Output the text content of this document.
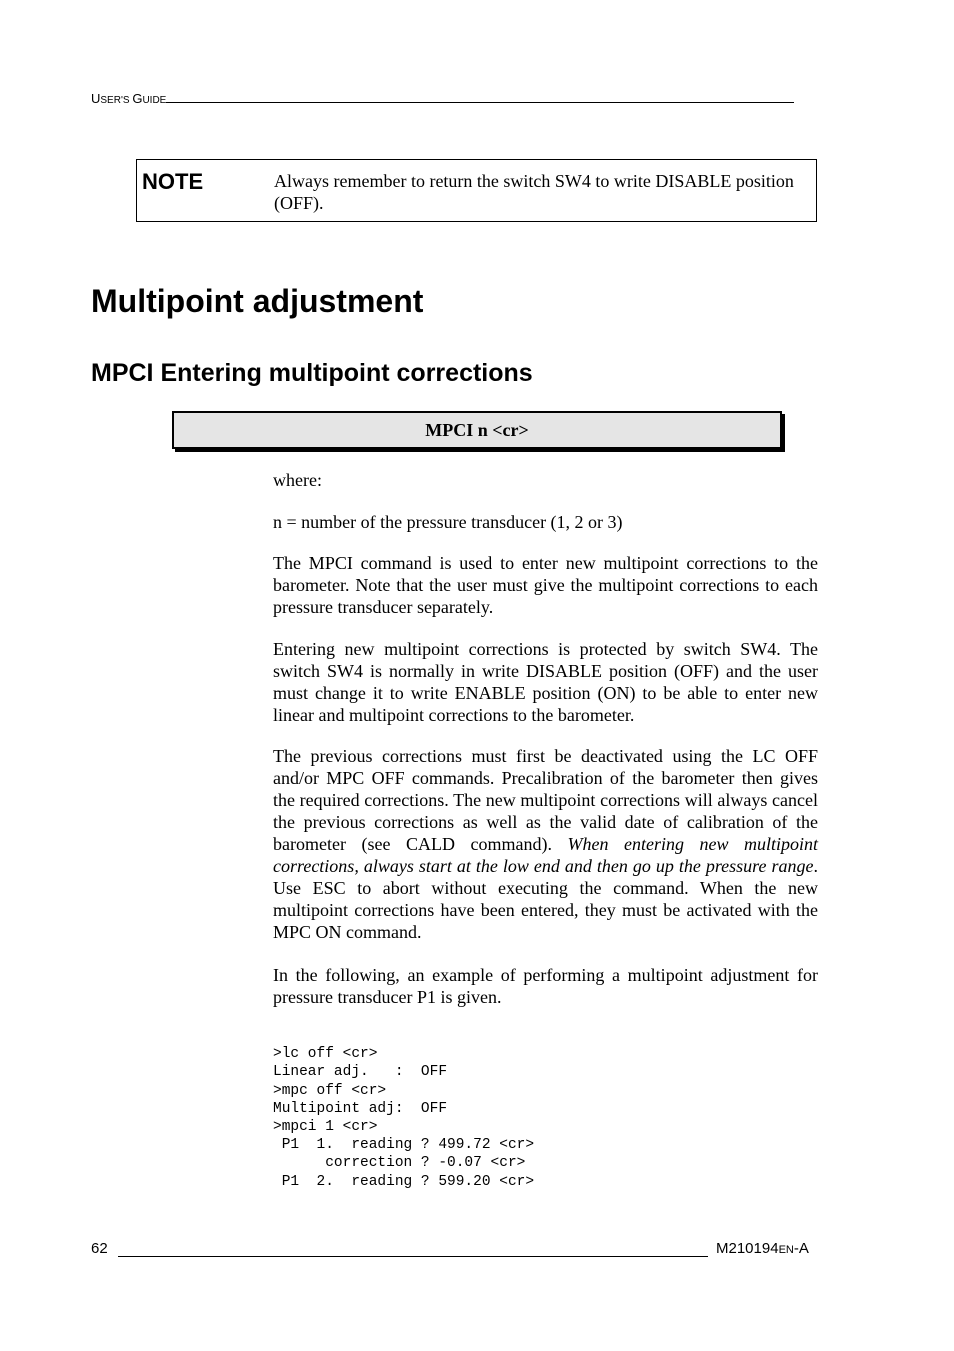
USER'S GUIDE
NOTE	Always remember to return the switch SW4 to write DISABLE position (OFF).
Multipoint adjustment
MPCI Entering multipoint corrections
MPCI n <cr>
where:
n = number of the pressure transducer (1, 2 or 3)
The MPCI command is used to enter new multipoint corrections to the barometer. Note that the user must give the multipoint corrections to each pressure transducer separately.
Entering new multipoint corrections is protected by switch SW4. The switch SW4 is normally in write DISABLE position (OFF) and the user must change it to write ENABLE position (ON) to be able to enter new linear and multipoint corrections to the barometer.
The previous corrections must first be deactivated using the LC OFF and/or MPC OFF commands. Precalibration of the barometer then gives the required corrections. The new multipoint corrections will always cancel the previous corrections as well as the valid date of calibration of the barometer (see CALD command). When entering new multipoint corrections, always start at the low end and then go up the pressure range. Use ESC to abort without executing the command. When the new multipoint corrections have been entered, they must be activated with the MPC ON command.
In the following, an example of performing a multipoint adjustment for pressure transducer P1 is given.

>lc off <cr>
Linear adj.   :  OFF
>mpc off <cr>
Multipoint adj:  OFF
>mpci 1 <cr>
P1  1.  reading ? 499.72 <cr>
correction ? -0.07 <cr>
P1  2.  reading ? 599.20 <cr>

62	M210194EN-A
